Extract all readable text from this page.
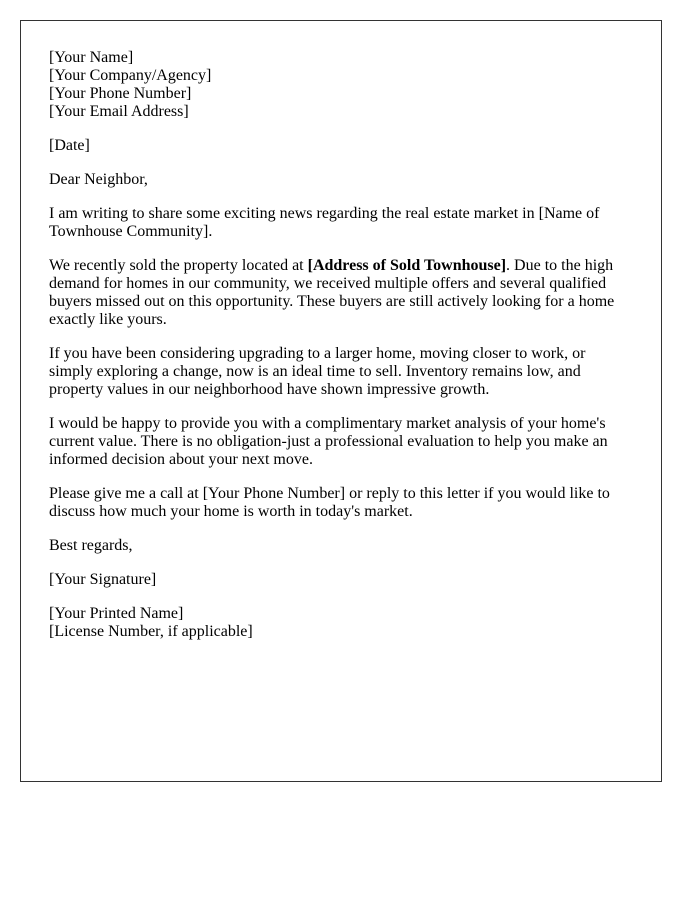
[Your Name]
[Your Company/Agency]
[Your Phone Number]
[Your Email Address]

[Date]

Dear Neighbor,

I am writing to share some exciting news regarding the real estate market in [Name of Townhouse Community].

We recently sold the property located at [Address of Sold Townhouse]. Due to the high demand for homes in our community, we received multiple offers and several qualified buyers missed out on this opportunity. These buyers are still actively looking for a home exactly like yours.

If you have been considering upgrading to a larger home, moving closer to work, or simply exploring a change, now is an ideal time to sell. Inventory remains low, and property values in our neighborhood have shown impressive growth.

I would be happy to provide you with a complimentary market analysis of your home's current value. There is no obligation-just a professional evaluation to help you make an informed decision about your next move.

Please give me a call at [Your Phone Number] or reply to this letter if you would like to discuss how much your home is worth in today's market.

Best regards,

[Your Signature]

[Your Printed Name]
[License Number, if applicable]
